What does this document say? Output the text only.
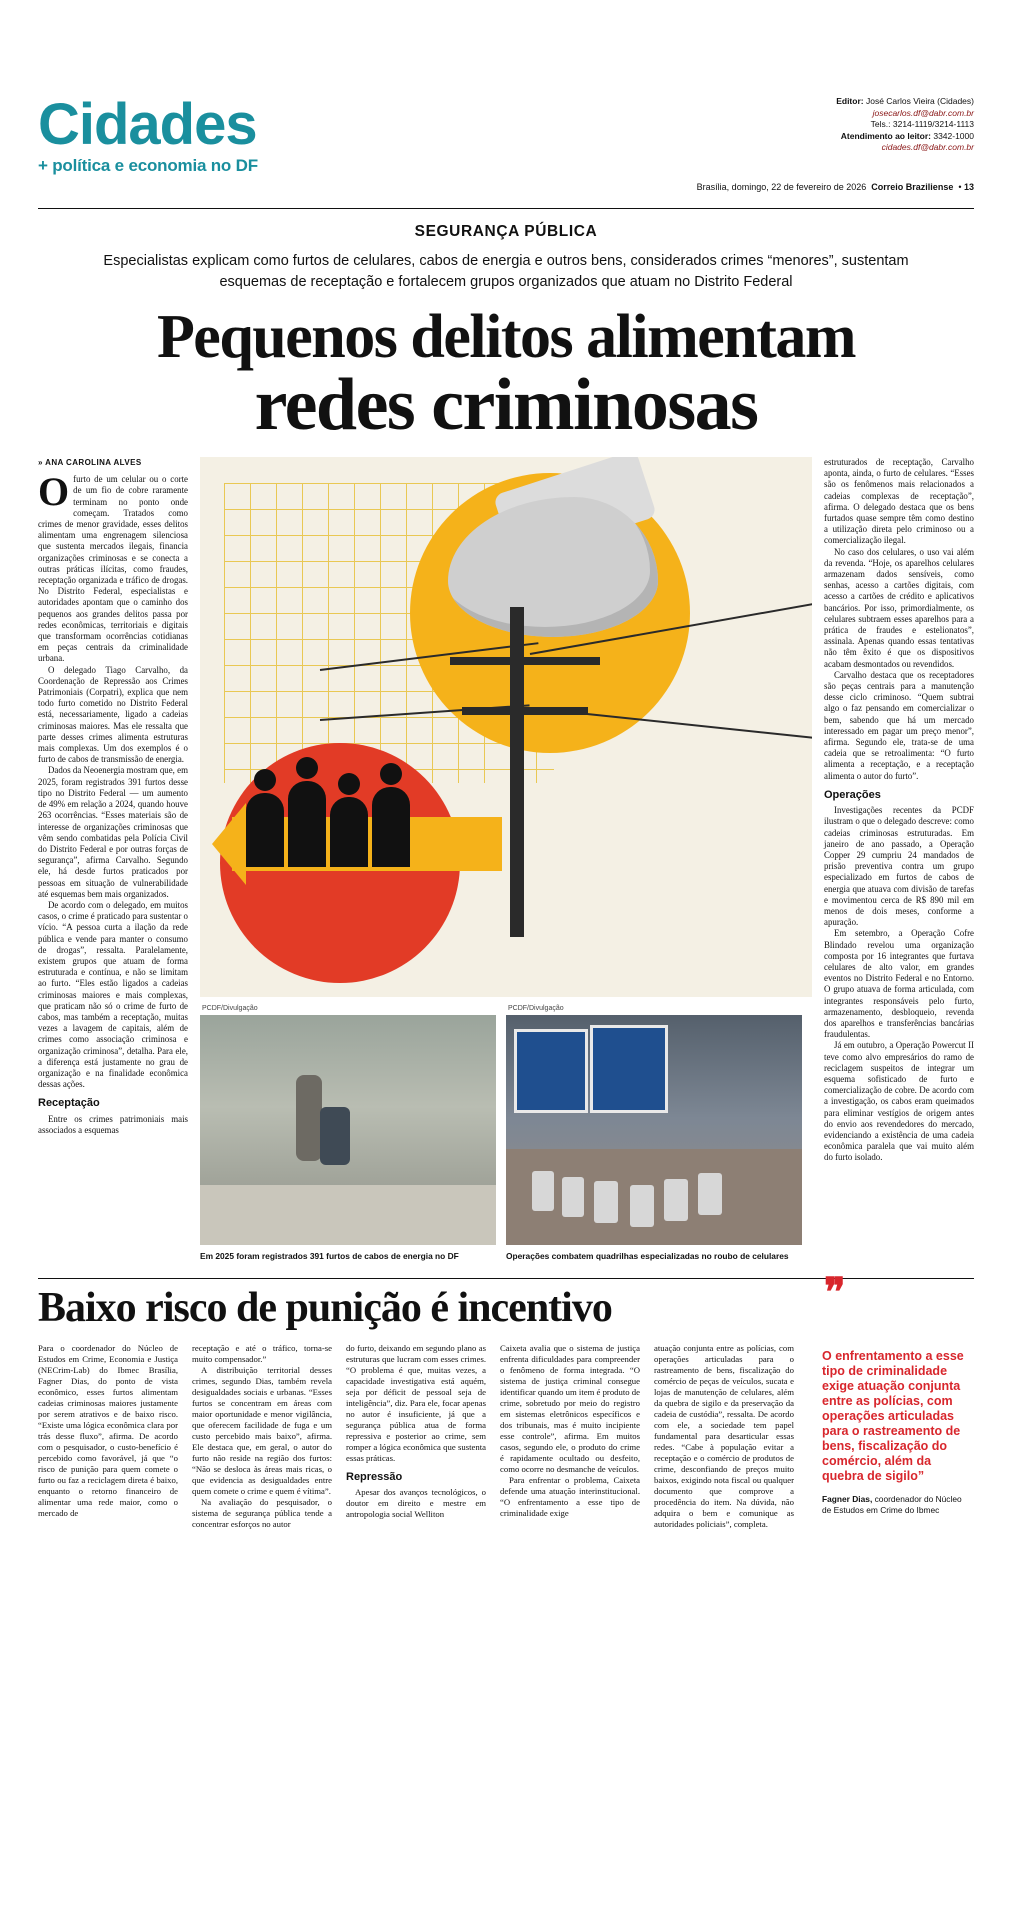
Cidades
+ política e economia no DF
Editor: José Carlos Vieira (Cidades)
josecarlos.df@dabr.com.br
Tels.: 3214-1119/3214-1113
Atendimento ao leitor: 3342-1000
cidades.df@dabr.com.br
Brasília, domingo, 22 de fevereiro de 2026 Correio Braziliense  • 13
SEGURANÇA PÚBLICA
Especialistas explicam como furtos de celulares, cabos de energia e outros bens, considerados crimes “menores”, sustentam esquemas de receptação e fortalecem grupos organizados que atuam no Distrito Federal
Pequenos delitos alimentam
redes criminosas
» ANA CAROLINA ALVES

Ofurto de um celular ou o corte de um fio de cobre raramente terminam no ponto onde começam. Tratados como crimes de menor gravidade, esses delitos alimentam uma engrenagem silenciosa que sustenta mercados ilegais, financia organizações criminosas e se conecta a outras práticas ilícitas, como fraudes, receptação organizada e tráfico de drogas. No Distrito Federal, especialistas e autoridades apontam que o caminho dos pequenos aos grandes delitos passa por redes econômicas, territoriais e digitais que transformam ocorrências cotidianas em peças centrais da criminalidade urbana.

O delegado Tiago Carvalho, da Coordenação de Repressão aos Crimes Patrimoniais (Corpatri), explica que nem todo furto cometido no Distrito Federal está, necessariamente, ligado a cadeias criminosas maiores. Mas ele ressalta que parte desses crimes alimenta estruturas mais complexas. Um dos exemplos é o furto de cabos de transmissão de energia.

Dados da Neoenergia mostram que, em 2025, foram registrados 391 furtos desse tipo no Distrito Federal — um aumento de 49% em relação a 2024, quando houve 263 ocorrências. “Esses materiais são de interesse de organizações criminosas que vêm sendo combatidas pela Polícia Civil do Distrito Federal e por outras forças de segurança”, afirma Carvalho. Segundo ele, há desde furtos praticados por pessoas em situação de vulnerabilidade até esquemas bem mais organizados.

De acordo com o delegado, em muitos casos, o crime é praticado para sustentar o vício. “A pessoa curta a ilação da rede pública e vende para manter o consumo de drogas”, ressalta. Paralelamente, existem grupos que atuam de forma estruturada e contínua, e não se limitam ao furto. “Eles estão ligados a cadeias criminosas maiores e mais complexas, que praticam não só o crime de furto de cabos, mas também a receptação, muitas vezes a lavagem de capitais, além de crimes como associação criminosa e organização criminosa”, detalha. Para ele, a diferença está justamente no grau de organização e na finalidade econômica dessas ações.

Receptação

Entre os crimes patrimoniais mais associados a esquemas

PCDF/Divulgação	PCDF/Divulgação
Em 2025 foram registrados 391 furtos de cabos de energia no DF	Operações combatem quadrilhas especializadas no roubo de celulares

estruturados de receptação, Carvalho aponta, ainda, o furto de celulares. “Esses são os fenômenos mais relacionados a cadeias complexas de receptação”, afirma. O delegado destaca que os bens furtados quase sempre têm como destino a utilização direta pelo criminoso ou a comercialização ilegal.

No caso dos celulares, o uso vai além da revenda. “Hoje, os aparelhos celulares armazenam dados sensíveis, como senhas, acesso a cartões digitais, com acesso a cartões de crédito e aplicativos bancários. Por isso, primordialmente, os celulares subtraem esses aparelhos para a prática de fraudes e estelionatos”, assinala. Apenas quando essas tentativas não têm êxito é que os dispositivos acabam desmontados ou revendidos.

Carvalho destaca que os receptadores são peças centrais para a manutenção desse ciclo criminoso. “Quem subtrai algo o faz pensando em comercializar o bem, sabendo que há um mercado interessado em pagar um preço menor”, afirma. Segundo ele, trata-se de uma cadeia que se retroalimenta: “O furto alimenta a receptação, e a receptação alimenta o autor do furto”.

Operações

Investigações recentes da PCDF ilustram o que o delegado descreve: como cadeias criminosas estruturadas. Em janeiro de ano passado, a Operação Copper 29 cumpriu 24 mandados de prisão preventiva contra um grupo especializado em furtos de cabos de energia que atuava com divisão de tarefas e movimentou cerca de R$ 890 mil em menos de dois meses, conforme a apuração.

Em setembro, a Operação Cofre Blindado revelou uma organização composta por 16 integrantes que furtava celulares de alto valor, em grandes eventos no Distrito Federal e no Entorno. O grupo atuava de forma articulada, com integrantes responsáveis pelo furto, armazenamento, desbloqueio, revenda dos aparelhos e transferências bancárias fraudulentas.

Já em outubro, a Operação Powercut II teve como alvo empresários do ramo de reciclagem suspeitos de integrar um esquema sofisticado de furto e comercialização de cobre. De acordo com a investigação, os cabos eram queimados para eliminar vestígios de origem antes do envio aos revendedores do mercado, evidenciando a existência de uma cadeia econômica paralela que vai muito além do furto isolado.

Baixo risco de punição é incentivo	❞

Para o coordenador do Núcleo de Estudos em Crime, Economia e Justiça (NECrim-Lab) do Ibmec Brasília, Fagner Dias, do ponto de vista econômico, esses furtos alimentam cadeias criminosas maiores justamente por serem atrativos e de baixo risco. “Existe uma lógica econômica clara por trás desse fluxo”, afirma. De acordo com o pesquisador, o custo-benefício é percebido como favorável, já que “o risco de punição para quem comete o furto ou faz a reciclagem direta é baixo, enquanto o retorno financeiro de alimentar uma rede maior, como o mercado de

receptação e até o tráfico, torna-se muito compensador.”

A distribuição territorial desses crimes, segundo Dias, também revela desigualdades sociais e urbanas. “Esses furtos se concentram em áreas com maior oportunidade e menor vigilância, que oferecem facilidade de fuga e um custo percebido mais baixo”, afirma. Ele destaca que, em geral, o autor do furto não reside na região dos furtos: “Não se desloca às áreas mais ricas, o que evidencia as desigualdades entre quem comete o crime e quem é vítima”.

Na avaliação do pesquisador, o sistema de segurança pública tende a concentrar esforços no autor

do furto, deixando em segundo plano as estruturas que lucram com esses crimes. “O problema é que, muitas vezes, a capacidade investigativa está aquém, seja por déficit de pessoal seja de inteligência”, diz. Para ele, focar apenas no autor é insuficiente, já que a segurança pública atua de forma repressiva e posterior ao crime, sem romper a lógica econômica que sustenta essas práticas.

Repressão

Apesar dos avanços tecnológicos, o doutor em direito e mestre em antropologia social Welliton

Caixeta avalia que o sistema de justiça enfrenta dificuldades para compreender o fenômeno de forma integrada. “O sistema de justiça criminal consegue identificar quando um item é produto de crime, sobretudo por meio do registro em sistemas eletrônicos específicos e dos tribunais, mas é muito incipiente esse controle”, afirma. Em muitos casos, segundo ele, o produto do crime é rapidamente ocultado ou desfeito, como ocorre no desmanche de veículos.

Para enfrentar o problema, Caixeta defende uma atuação interinstitucional. “O enfrentamento a esse tipo de criminalidade exige

atuação conjunta entre as polícias, com operações articuladas para o rastreamento de bens, fiscalização do comércio de peças de veículos, sucata e lojas de manutenção de celulares, além da quebra de sigilo e da preservação da cadeia de custódia”, ressalta. De acordo com ele, a sociedade tem papel fundamental para desarticular essas redes. “Cabe à população evitar a receptação e o comércio de produtos de crime, desconfiando de preços muito baixos, exigindo nota fiscal ou qualquer documento que comprove a procedência do item. Na dúvida, não adquira o bem e comunique as autoridades policiais”, completa.

O enfrentamento a esse tipo de criminalidade exige atuação conjunta entre as polícias, com operações articuladas para o rastreamento de bens, fiscalização do comércio, além da quebra de sigilo”
Fagner Dias, coordenador do Núcleo de Estudos em Crime do Ibmec
